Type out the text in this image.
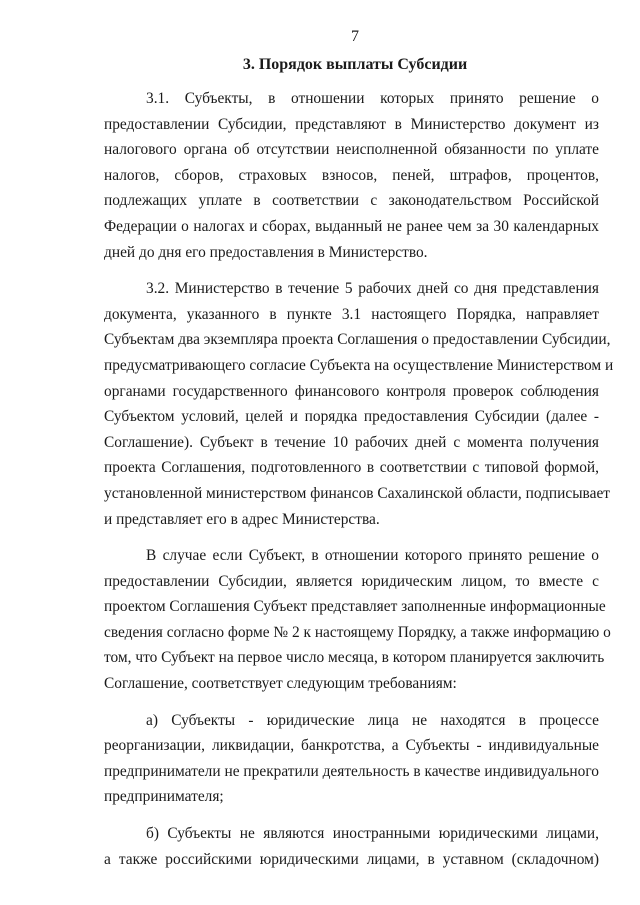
7
3. Порядок выплаты Субсидии

3.1. Субъекты, в отношении которых принято решение о
предоставлении Субсидии, представляют в Министерство документ из
налогового органа об отсутствии неисполненной обязанности по уплате
налогов, сборов, страховых взносов, пеней, штрафов, процентов,
подлежащих уплате в соответствии с законодательством Российской
Федерации о налогах и сборах, выданный не ранее чем за 30 календарных
дней до дня его предоставления в Министерство.

3.2. Министерство в течение 5 рабочих дней со дня представления
документа, указанного в пункте 3.1 настоящего Порядка, направляет
Субъектам два экземпляра проекта Соглашения о предоставлении Субсидии,
предусматривающего согласие Субъекта на осуществление Министерством и
органами государственного финансового контроля проверок соблюдения
Субъектом условий, целей и порядка предоставления Субсидии (далее -
Соглашение). Субъект в течение 10 рабочих дней с момента получения
проекта Соглашения, подготовленного в соответствии с типовой формой,
установленной министерством финансов Сахалинской области, подписывает
и представляет его в адрес Министерства.

В случае если Субъект, в отношении которого принято решение о
предоставлении Субсидии, является юридическим лицом, то вместе с
проектом Соглашения Субъект представляет заполненные информационные
сведения согласно форме № 2 к настоящему Порядку, а также информацию о
том, что Субъект на первое число месяца, в котором планируется заключить
Соглашение, соответствует следующим требованиям:

а) Субъекты - юридические лица не находятся в процессе
реорганизации, ликвидации, банкротства, а Субъекты - индивидуальные
предприниматели не прекратили деятельность в качестве индивидуального
предпринимателя;

б) Субъекты не являются иностранными юридическими лицами,
а также российскими юридическими лицами, в уставном (складочном)
